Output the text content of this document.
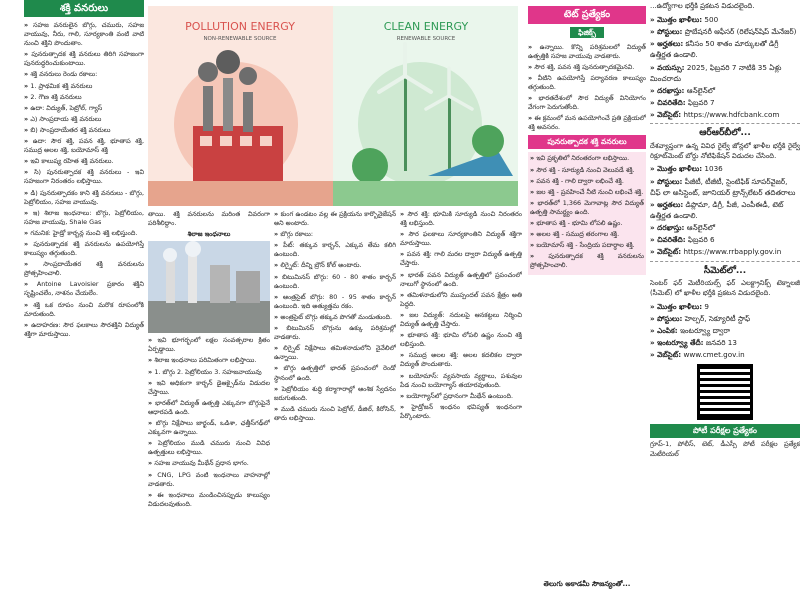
శక్తి వనరులు

» సహజ వనరులైన బొగ్గు, చమురు, సహజ వాయువు, నీరు, గాలి, సూర్యకాంతి వంటి వాటి నుంచి శక్తిని పొందుతాం.

» పునరుత్పాదక శక్తి వనరులు తిరిగి సహజంగా పునరుద్ధరించుకుంటాయి.

» శక్తి వనరులు రెండు రకాలు:

» 1. ప్రాథమిక శక్తి వనరులు

» 2. గౌణ శక్తి వనరులు

» ఉదా: విద్యుత్, పెట్రోల్, గ్యాస్

» ఎ) సాంప్రదాయ శక్తి వనరులు

» బి) సాంప్రదాయేతర శక్తి వనరులు

» ఉదా: సౌర శక్తి, పవన శక్తి, భూతాప శక్తి, సముద్ర అలల శక్తి, బయోమాస్ శక్తి

» ఇవి కాలుష్య రహిత శక్తి వనరులు.

» సి) పునరుత్పాదక శక్తి వనరులు - ఇవి సహజంగా నిరంతరం లభిస్తాయి.

» డి) పునరుత్పాదకం కాని శక్తి వనరులు - బొగ్గు, పెట్రోలియం, సహజ వాయువు.

» ఇ) శిలాజ ఇంధనాలు: బొగ్గు, పెట్రోలియం, సహజ వాయువు, Shale Gas

» గమనిక: హైడ్రో కార్బన్ల నుంచి శక్తి లభిస్తుంది.

» పునరుత్పాదక శక్తి వనరులను ఉపయోగిస్తే కాలుష్యం తగ్గుతుంది.

» సాంప్రదాయేతర శక్తి వనరులను ప్రోత్సహించాలి.

» Antoine Lavoisier ప్రకారం శక్తిని సృష్టించలేం, నాశనం చేయలేం.

» శక్తి ఒక రూపం నుంచి మరొక రూపంలోకి మారుతుంది.

» ఉదాహరణ: సౌర ఫలకాలు సౌరశక్తిని విద్యుత్ శక్తిగా మారుస్తాయి.

POLLUTION ENERGY
NON-RENEWABLE SOURCE
CLEAN ENERGY
RENEWABLE SOURCE

తాయి. శక్తి వనరులను మరింత వివరంగా పరిశీలిద్దాం.

శిలాజ ఇంధనాలు

» ఇవి భూగర్భంలో లక్షల సంవత్సరాల క్రితం ఏర్పడ్డాయి.

» శిలాజ ఇంధనాలు పరిమితంగా లభిస్తాయి.

» 1. బొగ్గు 2. పెట్రోలియం 3. సహజవాయువు

» ఇవి అధికంగా కార్బన్ డైఆక్సైడ్‌ను విడుదల చేస్తాయి.

» భారత్‌లో విద్యుత్ ఉత్పత్తి ఎక్కువగా బొగ్గుపైనే ఆధారపడి ఉంది.

» బొగ్గు నిక్షేపాలు జార్ఖండ్, ఒడిశా, ఛత్తీస్‌గఢ్‌లో ఎక్కువగా ఉన్నాయి.

» పెట్రోలియం ముడి చమురు నుంచి వివిధ ఉత్పత్తులు లభిస్తాయి.

» సహజ వాయువు మీథేన్ ప్రధాన భాగం.

» CNG, LPG వంటి ఇంధనాలు వాహనాల్లో వాడతారు.

» ఈ ఇంధనాలు మండించినప్పుడు కాలుష్యం విడుదలవుతుంది.

» కుంగ ఉండటం వల్ల ఈ ప్రక్రియను కార్బొనైజేషన్ అని అంటారు.

» బొగ్గు రకాలు:

» పీట్: తక్కువ కార్బన్, ఎక్కువ తేమ కలిగి ఉంటుంది.

» లిగ్నైట్: దీన్ని బ్రౌన్ కోల్ అంటారు.

» బిటుమినస్ బొగ్గు: 60 - 80 శాతం కార్బన్ ఉంటుంది.

» ఆంత్రసైట్ బొగ్గు: 80 - 95 శాతం కార్బన్ ఉంటుంది. ఇది అత్యుత్తమ రకం.

» అంత్రసైట్ బొగ్గు తక్కువ పొగతో మండుతుంది.

» బిటుమినస్ బొగ్గును ఉక్కు పరిశ్రమల్లో వాడతారు.

» లిగ్నైట్ నిక్షేపాలు తమిళనాడులోని నైవేలిలో ఉన్నాయి.

» బొగ్గు ఉత్పత్తిలో భారత్ ప్రపంచంలో రెండో స్థానంలో ఉంది.

» పెట్రోలియం శుద్ధి కర్మాగారాల్లో ఆంశిక స్వేదనం జరుగుతుంది.

» ముడి చమురు నుంచి పెట్రోల్, డీజిల్, కిరోసిన్, తారు లభిస్తాయి.

» సౌర శక్తి: భూమికి సూర్యుడి నుంచి నిరంతరం శక్తి లభిస్తుంది.

» సౌర ఫలకాలు సూర్యకాంతిని విద్యుత్ శక్తిగా మారుస్తాయి.

» పవన శక్తి: గాలి మరల ద్వారా విద్యుత్ ఉత్పత్తి చేస్తారు.

» భారత్ పవన విద్యుత్ ఉత్పత్తిలో ప్రపంచంలో నాలుగో స్థానంలో ఉంది.

» తమిళనాడులోని ముప్పందల్ పవన క్షేత్రం అతి పెద్దది.

» జల విద్యుత్: నదులపై ఆనకట్టలు నిర్మించి విద్యుత్ ఉత్పత్తి చేస్తారు.

» భూతాప శక్తి: భూమి లోపలి ఉష్ణం నుంచి శక్తి లభిస్తుంది.

» సముద్ర అలల శక్తి: అలల కదలికల ద్వారా విద్యుత్ పొందుతారు.

» బయోమాస్: వ్యవసాయ వ్యర్థాలు, పశువుల పేడ నుంచి బయోగ్యాస్ తయారవుతుంది.

» బయోగ్యాస్‌లో ప్రధానంగా మీథేన్ ఉంటుంది.

» హైడ్రోజన్ ఇంధనం భవిష్యత్ ఇంధనంగా పేర్కొంటారు.

టెట్ ప్రత్యేకం
ఫిజిక్స్

» ఉన్నాయి. కొన్ని పరిశ్రమలలో విద్యుత్ ఉత్పత్తికి సహజ వాయువు వాడతారు.

» సౌర శక్తి, పవన శక్తి పునరుత్పాదకమైనవి.

» వీటిని ఉపయోగిస్తే పర్యావరణ కాలుష్యం తగ్గుతుంది.

» భారతదేశంలో సౌర విద్యుత్ వినియోగం వేగంగా పెరుగుతోంది.

» ఈ క్రమంలో మన ఉపయోగించే ప్రతి ప్రక్రియలో శక్తి అవసరం.

పునరుత్పాదక శక్తి వనరులు

» ఇవి ప్రకృతిలో నిరంతరంగా లభిస్తాయి.

» సౌర శక్తి - సూర్యుడి నుంచి వెలువడే శక్తి.

» పవన శక్తి - గాలి ద్వారా లభించే శక్తి.

» జల శక్తి - ప్రవహించే నీటి నుంచి లభించే శక్తి.

» భారత్‌లో 1,366 మెగావాట్ల సౌర విద్యుత్ ఉత్పత్తి సామర్థ్యం ఉంది.

» భూతాప శక్తి - భూమి లోపలి ఉష్ణం.

» అలల శక్తి - సముద్ర తరంగాల శక్తి.

» బయోమాస్ శక్తి - సేంద్రియ పదార్థాల శక్తి.

» పునరుత్పాదక శక్తి వనరులను ప్రోత్సహించాలి.

తెలుగు అకాడమీ సౌజన్యంతో...

...ఉద్యోగాల భర్తీకి ప్రకటన విడుదలైంది.

» మొత్తం ఖాళీలు: 500
» పోస్టులు: ప్రొబేషనరీ ఆఫీసర్ (రిలేషన్‌షిప్ మేనేజర్)
» అర్హతలు: కనీసం 50 శాతం మార్కులతో డిగ్రీ ఉత్తీర్ణత ఉండాలి.
» వయస్సు: 2025, ఫిబ్రవరి 7 నాటికి 35 ఏళ్లు మించరాదు
» దరఖాస్తు: ఆన్‌లైన్‌లో
» చివరితేది: ఫిబ్రవరి 7
» వెబ్‌సైట్: https://www.hdfcbank.com

ఆర్ఆర్‌బీలో...

దేశవ్యాప్తంగా ఉన్న వివిధ రైల్వే జోన్లలో ఖాళీల భర్తీకి రైల్వే రిక్రూట్‌మెంట్ బోర్డు నోటిఫికేషన్ విడుదల చేసింది.

» మొత్తం ఖాళీలు: 1036
» పోస్టులు: పీజీటీ, టీజీటీ, సైంటిఫిక్ సూపర్‌వైజర్, చీఫ్ లా అసిస్టెంట్, జూనియర్ ట్రాన్స్‌లేటర్ తదితరాలు
» అర్హతలు: డిప్లొమా, డిగ్రీ, పీజీ, ఎంపీఈడీ, టెట్ ఉత్తీర్ణత ఉండాలి.
» దరఖాస్తు: ఆన్‌లైన్‌లో
» చివరితేది: ఫిబ్రవరి 6
» వెబ్‌సైట్: https://www.rrbapply.gov.in

సీమెట్‌లో...

సెంటర్ ఫర్ మెటీరియల్స్ ఫర్ ఎలక్ట్రానిక్స్ టెక్నాలజీ (సీమెట్) లో ఖాళీల భర్తీకి ప్రకటన విడుదలైంది.

» మొత్తం ఖాళీలు: 9
» పోస్టులు: హెల్పర్, సెక్యూరిటీ స్టాఫ్
» ఎంపిక: ఇంటర్వ్యూ ద్వారా
» ఇంటర్వ్యూ తేదీ: జనవరి 13
» వెబ్‌సైట్: www.cmet.gov.in
పోటీ పరీక్షల ప్రత్యేకం

గ్రూప్-1, పోలీస్, టెట్, డీఎస్సీ పోటీ పరీక్షల ప్రత్యేక మెటీరియల్
